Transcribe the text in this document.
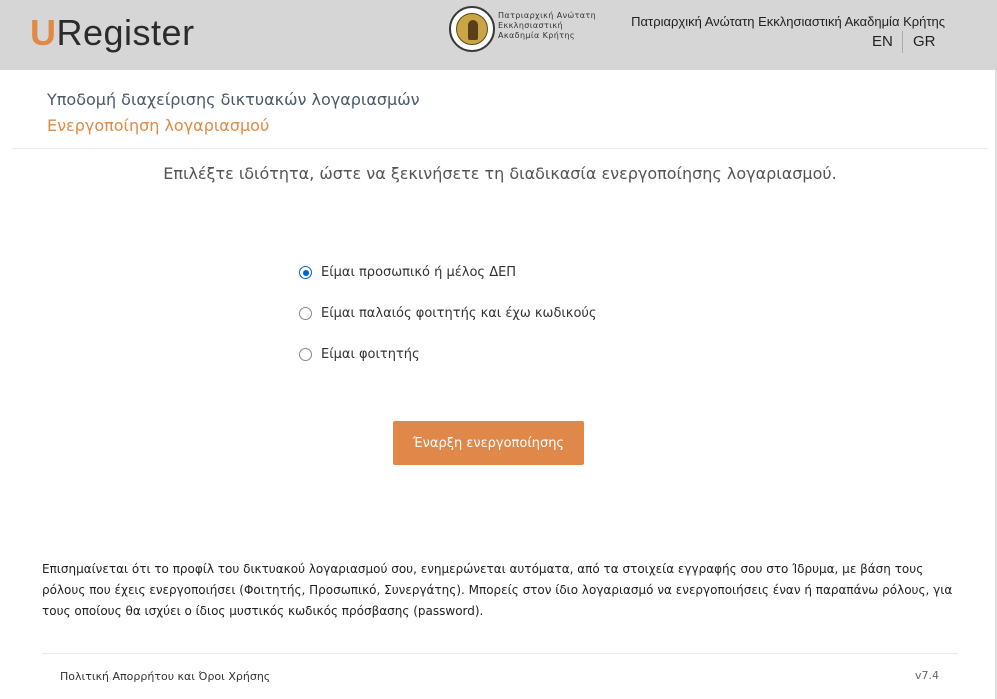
URegister	Πατριαρχική Ανώτατη
Εκκλησιαστική
Ακαδημία Κρήτης
Πατριαρχική Ανώτατη Εκκλησιαστική Ακαδημία Κρήτης
EN GR
Υποδομή διαχείρισης δικτυακών λογαριασμών
Ενεργοποίηση λογαριασμού
Επιλέξτε ιδιότητα, ώστε να ξεκινήσετε τη διαδικασία ενεργοποίησης λογαριασμού.
Είμαι προσωπικό ή μέλος ΔΕΠ
Είμαι παλαιός φοιτητής και έχω κωδικούς
Είμαι φοιτητής
Έναρξη ενεργοποίησης
Επισημαίνεται ότι το προφίλ του δικτυακού λογαριασμού σου, ενημερώνεται αυτόματα, από τα στοιχεία εγγραφής σου στο Ίδρυμα, με βάση τους ρόλους που έχεις ενεργοποιήσει (Φοιτητής, Προσωπικό, Συνεργάτης). Μπορείς στον ίδιο λογαριασμό να ενεργοποιήσεις έναν ή παραπάνω ρόλους, για τους οποίους θα ισχύει ο ίδιος μυστικός κωδικός πρόσβασης (password).
Πολιτική Απορρήτου και Όροι Χρήσης	v7.4
